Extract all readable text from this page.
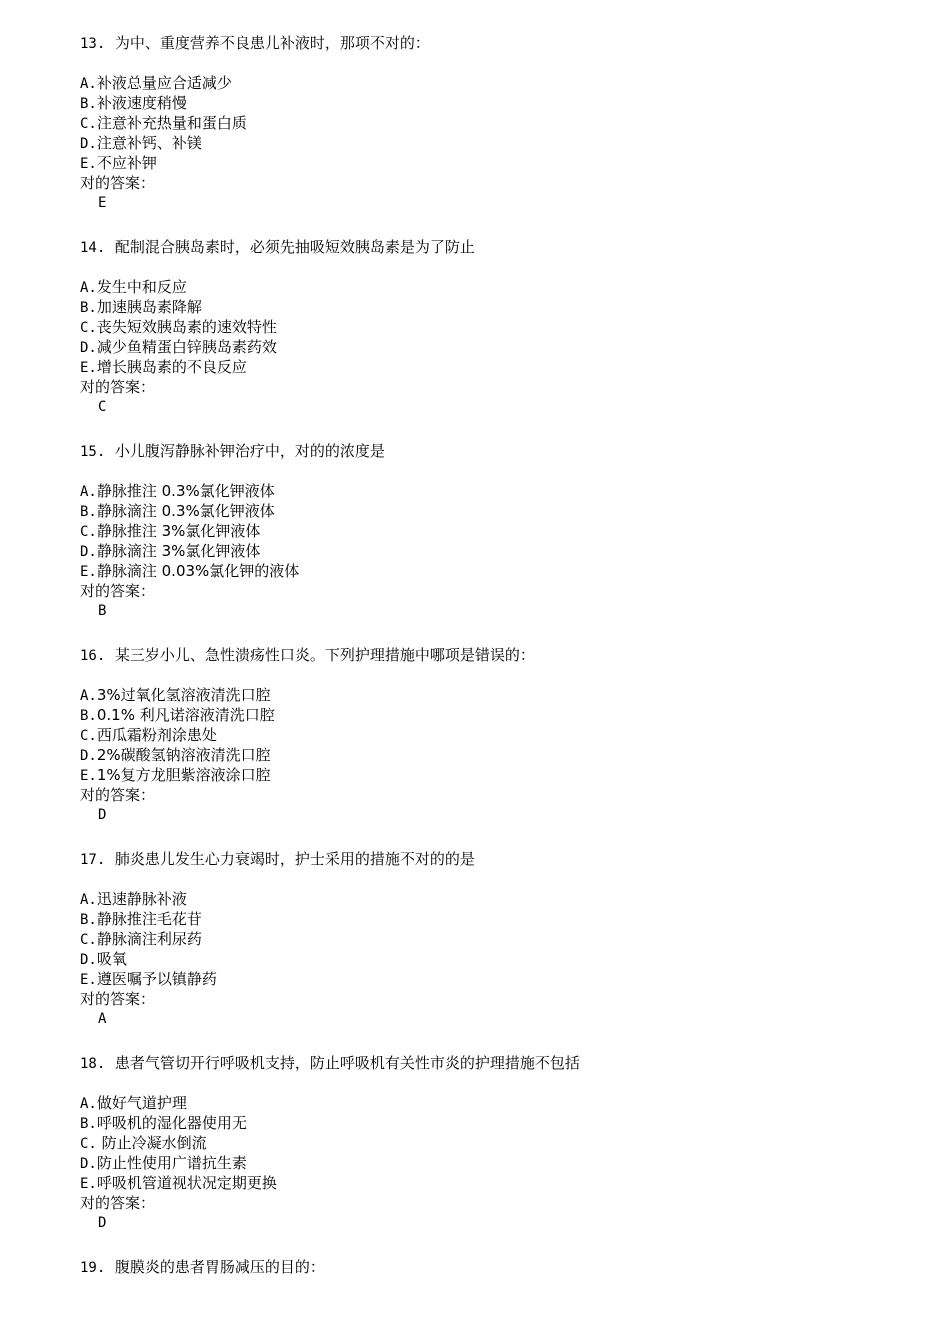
13. 为中、重度营养不良患儿补液时，那项不对的：
A.补液总量应合适减少
B.补液速度稍慢
C.注意补充热量和蛋白质
D.注意补钙、补镁
E.不应补钾
对的答案：
E
14. 配制混合胰岛素时，必须先抽吸短效胰岛素是为了防止
A.发生中和反应
B.加速胰岛素降解
C.丧失短效胰岛素的速效特性
D.减少鱼精蛋白锌胰岛素药效
E.增长胰岛素的不良反应
对的答案：
C
15. 小儿腹泻静脉补钾治疗中，对的的浓度是
A.静脉推注 0.3%氯化钾液体
B.静脉滴注 0.3%氯化钾液体
C.静脉推注 3%氯化钾液体
D.静脉滴注 3%氯化钾液体
E.静脉滴注 0.03%氯化钾的液体
对的答案：
B
16. 某三岁小儿、急性溃疡性口炎。下列护理措施中哪项是错误的：
A.3%过氧化氢溶液清洗口腔
B.0.1% 利凡诺溶液清洗口腔
C.西瓜霜粉剂涂患处
D.2%碳酸氢钠溶液清洗口腔
E.1%复方龙胆紫溶液涂口腔
对的答案：
D
17. 肺炎患儿发生心力衰竭时，护士采用的措施不对的的是
A.迅速静脉补液
B.静脉推注毛花苷
C.静脉滴注利尿药
D.吸氧
E.遵医嘱予以镇静药
对的答案：
A
18. 患者气管切开行呼吸机支持，防止呼吸机有关性市炎的护理措施不包括
A.做好气道护理
B.呼吸机的湿化器使用无
C. 防止冷凝水倒流
D.防止性使用广谱抗生素
E.呼吸机管道视状况定期更换
对的答案：
D
19. 腹膜炎的患者胃肠减压的目的：
